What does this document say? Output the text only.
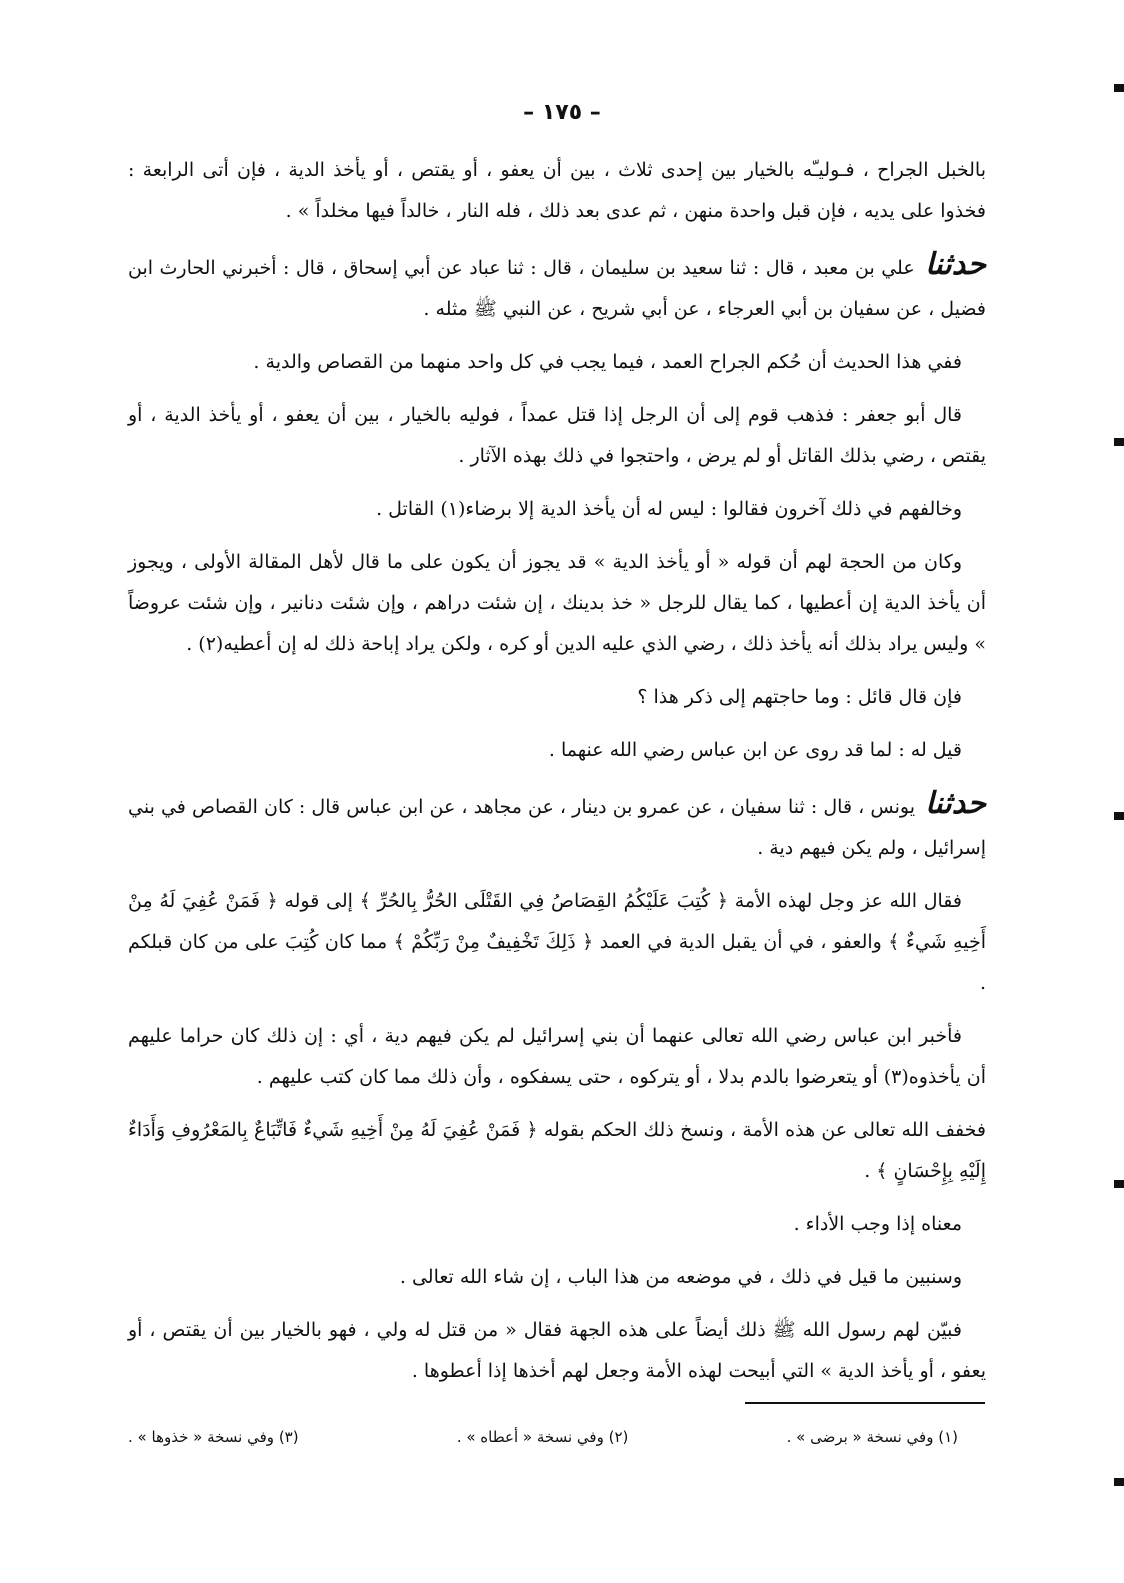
– ١٧٥ –

بالخبل الجراح ، فـوليـّه بالخيار بين إحدى ثلاث ، بين أن يعفو ، أو يقتص ، أو يأخذ الدية ، فإن أتى الرابعة : فخذوا على يديه ، فإن قبل واحدة منهن ، ثم عدى بعد ذلك ، فله النار ، خالداً فيها مخلداً » .

حدثنا علي بن معبد ، قال : ثنا سعيد بن سليمان ، قال : ثنا عباد عن أبي إسحاق ، قال : أخبرني الحارث ابن فضيل ، عن سفيان بن أبي العرجاء ، عن أبي شريح ، عن النبي ﷺ مثله .

ففي هذا الحديث أن حُكم الجراح العمد ، فيما يجب في كل واحد منهما من القصاص والدية .

قال أبو جعفر : فذهب قوم إلى أن الرجل إذا قتل عمداً ، فوليه بالخيار ، بين أن يعفو ، أو يأخذ الدية ، أو يقتص ، رضي بذلك القاتل أو لم يرض ، واحتجوا في ذلك بهذه الآثار .

وخالفهم في ذلك آخرون فقالوا : ليس له أن يأخذ الدية إلا برضاء(١) القاتل .

وكان من الحجة لهم أن قوله « أو يأخذ الدية » قد يجوز أن يكون على ما قال لأهل المقالة الأولى ، ويجوز أن يأخذ الدية إن أعطيها ، كما يقال للرجل « خذ بدينك ، إن شئت دراهم ، وإن شئت دنانير ، وإن شئت عروضاً » وليس يراد بذلك أنه يأخذ ذلك ، رضي الذي عليه الدين أو كره ، ولكن يراد إباحة ذلك له إن أعطيه(٢) .

فإن قال قائل : وما حاجتهم إلى ذكر هذا ؟

قيل له : لما قد روى عن ابن عباس رضي الله عنهما .

حدثنا يونس ، قال : ثنا سفيان ، عن عمرو بن دينار ، عن مجاهد ، عن ابن عباس قال : كان القصاص في بني إسرائيل ، ولم يكن فيهم دية .

فقال الله عز وجل لهذه الأمة ﴿ كُتِبَ عَلَيْكُمُ القِصَاصُ فِي القَتْلَى الحُرُّ بِالحُرِّ ﴾ إلى قوله ﴿ فَمَنْ عُفِيَ لَهُ مِنْ أَخِيهِ شَيءٌ ﴾ والعفو ، في أن يقبل الدية في العمد ﴿ ذَلِكَ تَخْفِيفٌ مِنْ رَبِّكُمْ ﴾ مما كان كُتِبَ على من كان قبلكم .

فأخبر ابن عباس رضي الله تعالى عنهما أن بني إسرائيل لم يكن فيهم دية ، أي : إن ذلك كان حراما عليهم أن يأخذوه(٣) أو يتعرضوا بالدم بدلا ، أو يتركوه ، حتى يسفكوه ، وأن ذلك مما كان كتب عليهم .

فخفف الله تعالى عن هذه الأمة ، ونسخ ذلك الحكم بقوله ﴿ فَمَنْ عُفِيَ لَهُ مِنْ أَخِيهِ شَيءٌ فَاتِّبَاعٌ بِالمَعْرُوفِ وَأَدَاءٌ إِلَيْهِ بِإِحْسَانٍ ﴾ .

معناه إذا وجب الأداء .

وسنبين ما قيل في ذلك ، في موضعه من هذا الباب ، إن شاء الله تعالى .

فبيّن لهم رسول الله ﷺ ذلك أيضاً على هذه الجهة فقال « من قتل له ولي ، فهو بالخيار بين أن يقتص ، أو يعفو ، أو يأخذ الدية » التي أبيحت لهذه الأمة وجعل لهم أخذها إذا أعطوها .

(١) وفي نسخة « برضى » .
(٢) وفي نسخة « أعطاه » .
(٣) وفي نسخة « خذوها » .
